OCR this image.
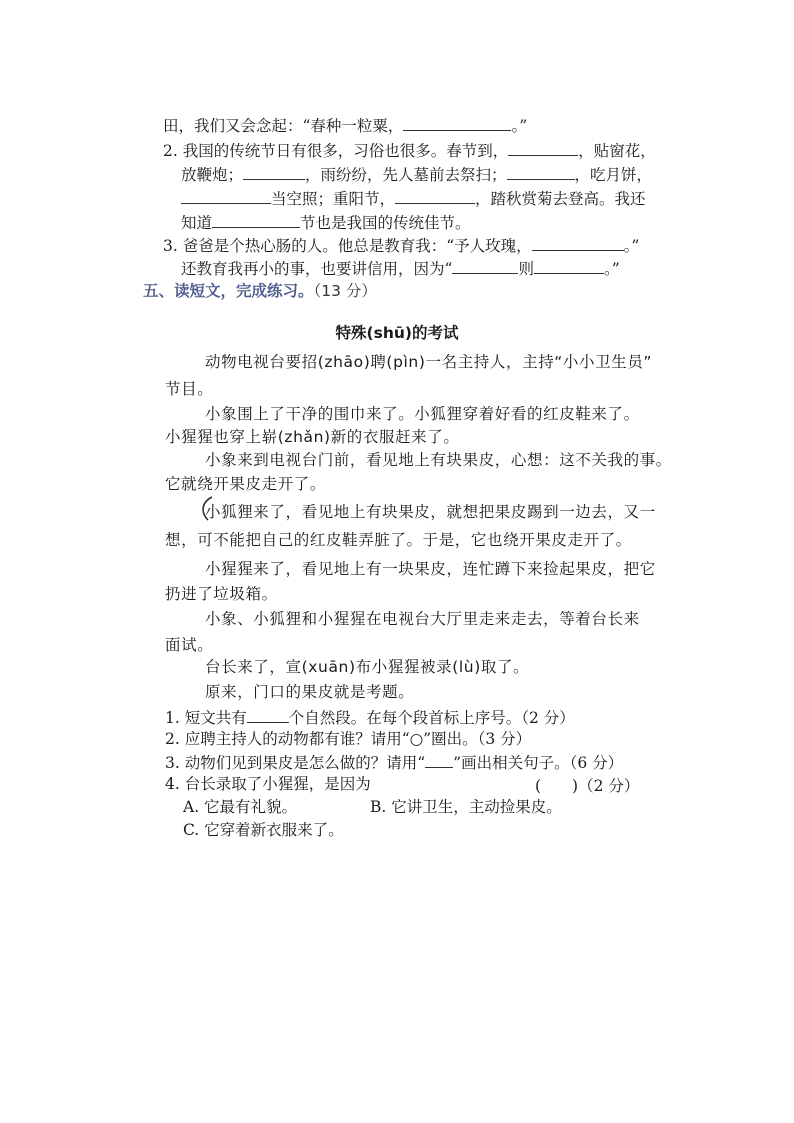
田，我们又会念起：“春种一粒粟，	。”
2. 我国的传统节日有很多，习俗也很多。春节到，	，贴窗花，
放鞭炮；	，雨纷纷，先人墓前去祭扫；	，吃月饼，
当空照；重阳节，	，踏秋赏菊去登高。我还
知道	节也是我国的传统佳节。
3. 爸爸是个热心肠的人。他总是教育我：“予人玫瑰，	。”
还教育我再小的事，也要讲信用，因为“	则	。”
五、读短文，完成练习。（13 分）
特殊(shū)的考试
动物电视台要招(zhāo)聘(pìn)一名主持人，主持“小小卫生员”
节目。
小象围上了干净的围巾来了。小狐狸穿着好看的红皮鞋来了。
小猩猩也穿上崭(zhǎn)新的衣服赶来了。
小象来到电视台门前，看见地上有块果皮，心想：这不关我的事。
它就绕开果皮走开了。
小狐狸来了，看见地上有块果皮，就想把果皮踢到一边去，又一
想，可不能把自己的红皮鞋弄脏了。于是，它也绕开果皮走开了。
小猩猩来了，看见地上有一块果皮，连忙蹲下来捡起果皮，把它
扔进了垃圾箱。
小象、小狐狸和小猩猩在电视台大厅里走来走去，等着台长来
面试。
台长来了，宣(xuān)布小猩猩被录(lù)取了。
原来，门口的果皮就是考题。
1. 短文共有	个自然段。在每个段首标上序号。（2 分）
2. 应聘主持人的动物都有谁？请用“○”圈出。（3 分）
3. 动物们见到果皮是怎么做的？请用“ ”画出相关句子。（6 分）
4. 台长录取了小猩猩，是因为	(　　)（2 分）
A. 它最有礼貌。	B. 它讲卫生，主动捡果皮。
C. 它穿着新衣服来了。
